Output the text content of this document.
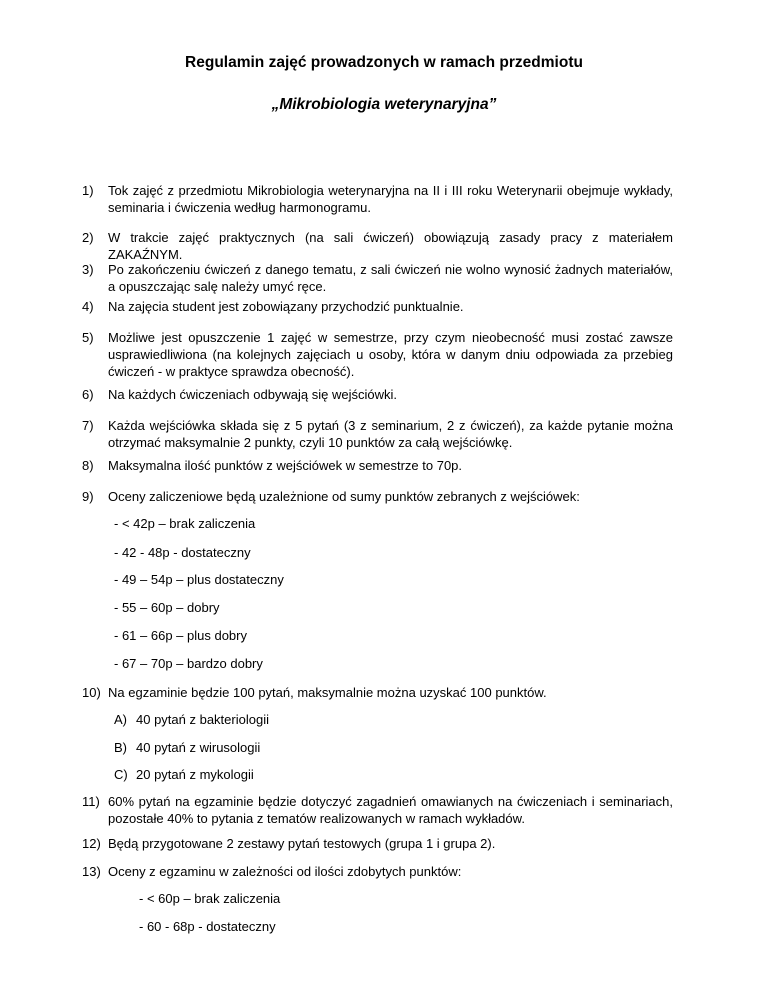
Regulamin zajęć prowadzonych w ramach przedmiotu
„Mikrobiologia weterynaryjna”
1)	Tok zajęć z przedmiotu Mikrobiologia weterynaryjna na II i III roku Weterynarii obejmuje wykłady, seminaria i ćwiczenia według harmonogramu.
2)	W trakcie zajęć praktycznych (na sali ćwiczeń) obowiązują zasady pracy z materiałem ZAKAŹNYM.
3)	Po zakończeniu ćwiczeń z danego tematu, z sali ćwiczeń nie wolno wynosić żadnych materiałów, a opuszczając salę należy umyć ręce.
4)	Na zajęcia student jest zobowiązany przychodzić punktualnie.
5)	Możliwe jest opuszczenie 1 zajęć w semestrze, przy czym nieobecność musi zostać zawsze usprawiedliwiona (na kolejnych zajęciach u osoby, która w danym dniu odpowiada za przebieg ćwiczeń - w praktyce sprawdza obecność).
6)	Na każdych ćwiczeniach odbywają się wejściówki.
7)	Każda wejściówka składa się z 5 pytań (3 z seminarium, 2 z ćwiczeń), za każde pytanie można otrzymać maksymalnie 2 punkty, czyli 10 punktów za całą wejściówkę.
8)	Maksymalna ilość punktów z wejściówek w semestrze to 70p.
9)	Oceny zaliczeniowe będą uzależnione od sumy punktów zebranych z wejściówek:
- < 42p – brak zaliczenia
- 42 - 48p - dostateczny
- 49 – 54p – plus dostateczny
- 55 – 60p – dobry
- 61 – 66p – plus dobry
- 67 – 70p – bardzo dobry
10) Na egzaminie będzie 100 pytań, maksymalnie można uzyskać 100 punktów.
A) 40 pytań z bakteriologii
B) 40 pytań z wirusologii
C) 20 pytań z mykologii
11) 60% pytań na egzaminie będzie dotyczyć zagadnień omawianych na ćwiczeniach i seminariach, pozostałe 40% to pytania z tematów realizowanych w ramach wykładów.
12) Będą przygotowane 2 zestawy pytań testowych (grupa 1 i grupa 2).
13) Oceny z egzaminu w zależności od ilości zdobytych punktów:
- < 60p – brak zaliczenia
- 60 - 68p - dostateczny
